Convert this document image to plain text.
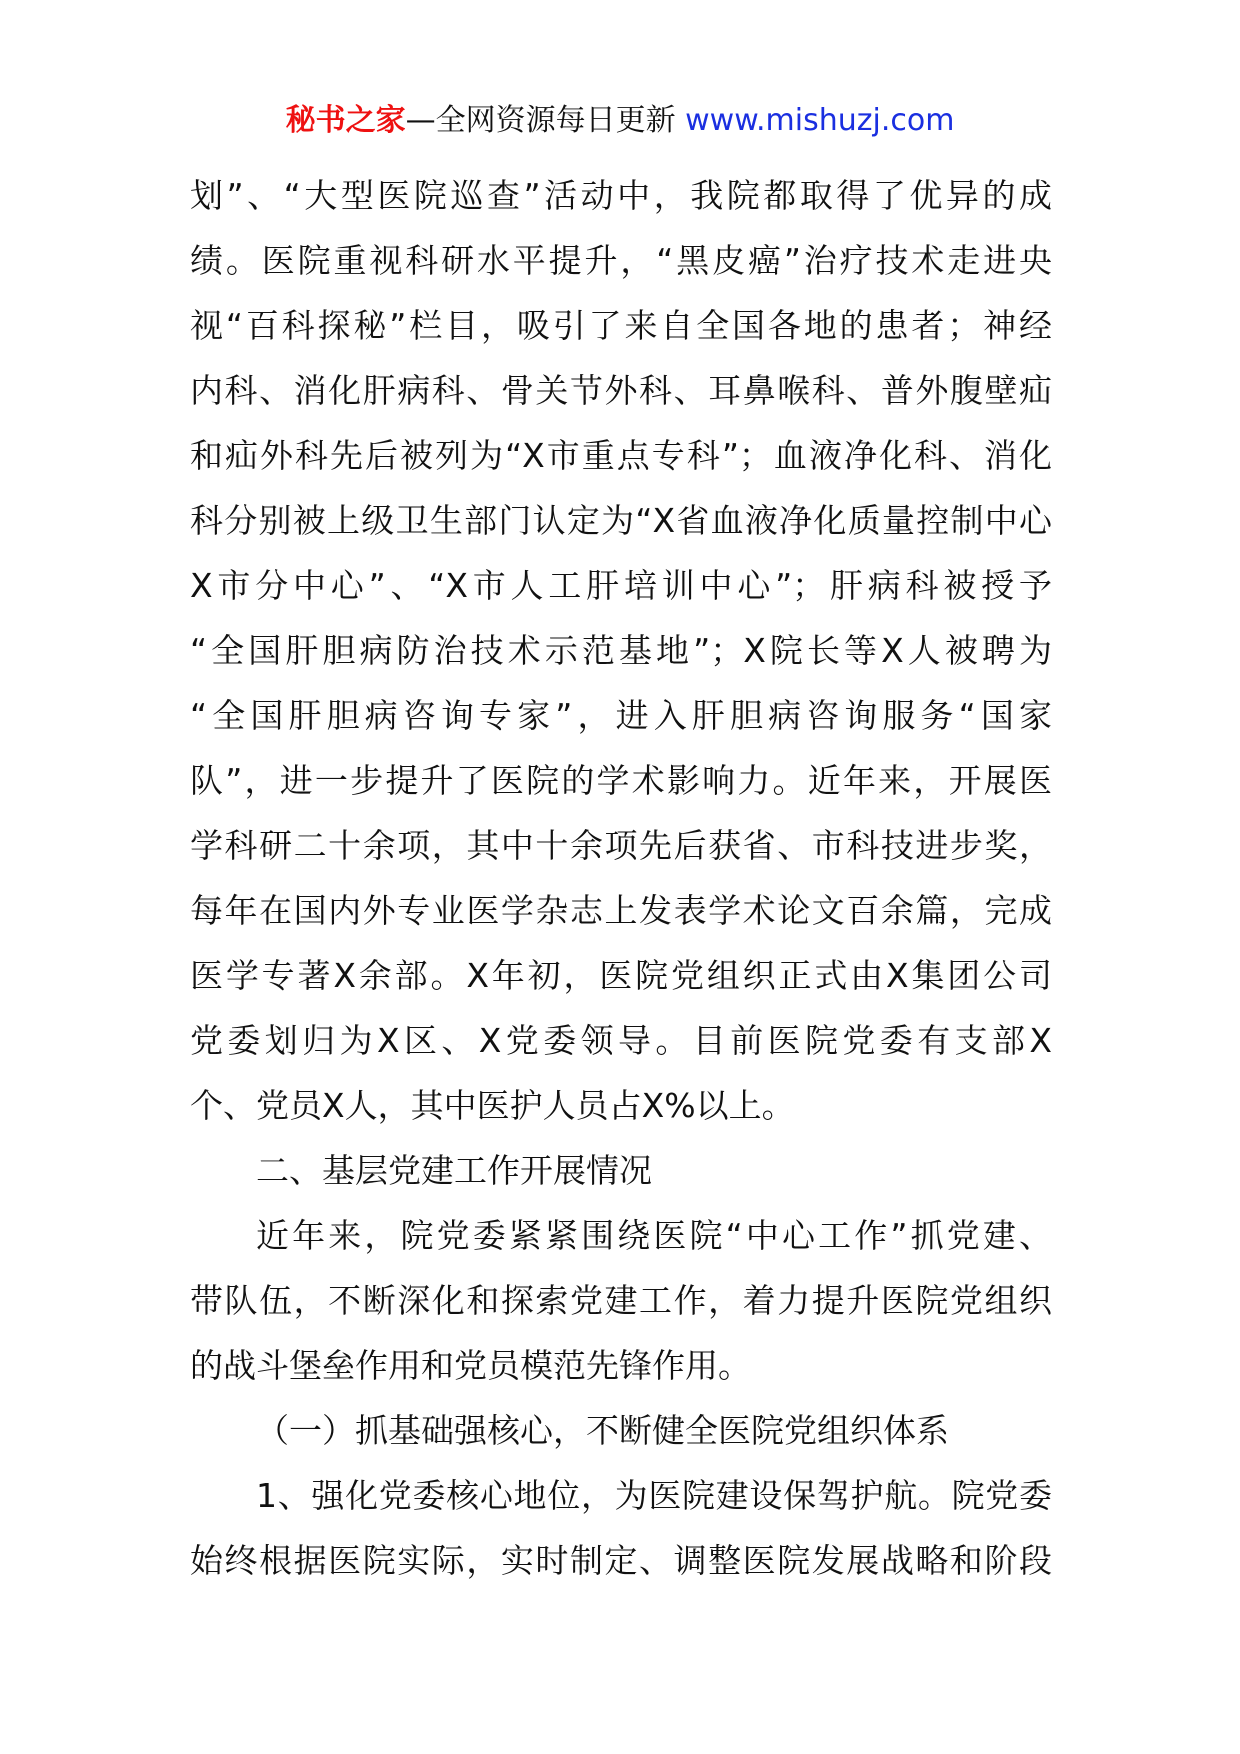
秘书之家—全网资源每日更新 www.mishuzj.com
划”、“大型医院巡查”活动中，我院都取得了优异的成
绩。医院重视科研水平提升，“黑皮癌”治疗技术走进央
视“百科探秘”栏目，吸引了来自全国各地的患者；神经
内科、消化肝病科、骨关节外科、耳鼻喉科、普外腹壁疝
和疝外科先后被列为“X市重点专科”；血液净化科、消化
科分别被上级卫生部门认定为“X省血液净化质量控制中心
X市分中心”、“X市人工肝培训中心”；肝病科被授予
“全国肝胆病防治技术示范基地”；X院长等X人被聘为
“全国肝胆病咨询专家”，进入肝胆病咨询服务“国家
队”，进一步提升了医院的学术影响力。近年来，开展医
学科研二十余项，其中十余项先后获省、市科技进步奖，
每年在国内外专业医学杂志上发表学术论文百余篇，完成
医学专著X余部。X年初，医院党组织正式由X集团公司
党委划归为X区、X党委领导。目前医院党委有支部X
个、党员X人，其中医护人员占X%以上。
二、基层党建工作开展情况
近年来，院党委紧紧围绕医院“中心工作”抓党建、
带队伍，不断深化和探索党建工作，着力提升医院党组织
的战斗堡垒作用和党员模范先锋作用。
（一）抓基础强核心，不断健全医院党组织体系
1、强化党委核心地位，为医院建设保驾护航。院党委
始终根据医院实际，实时制定、调整医院发展战略和阶段
